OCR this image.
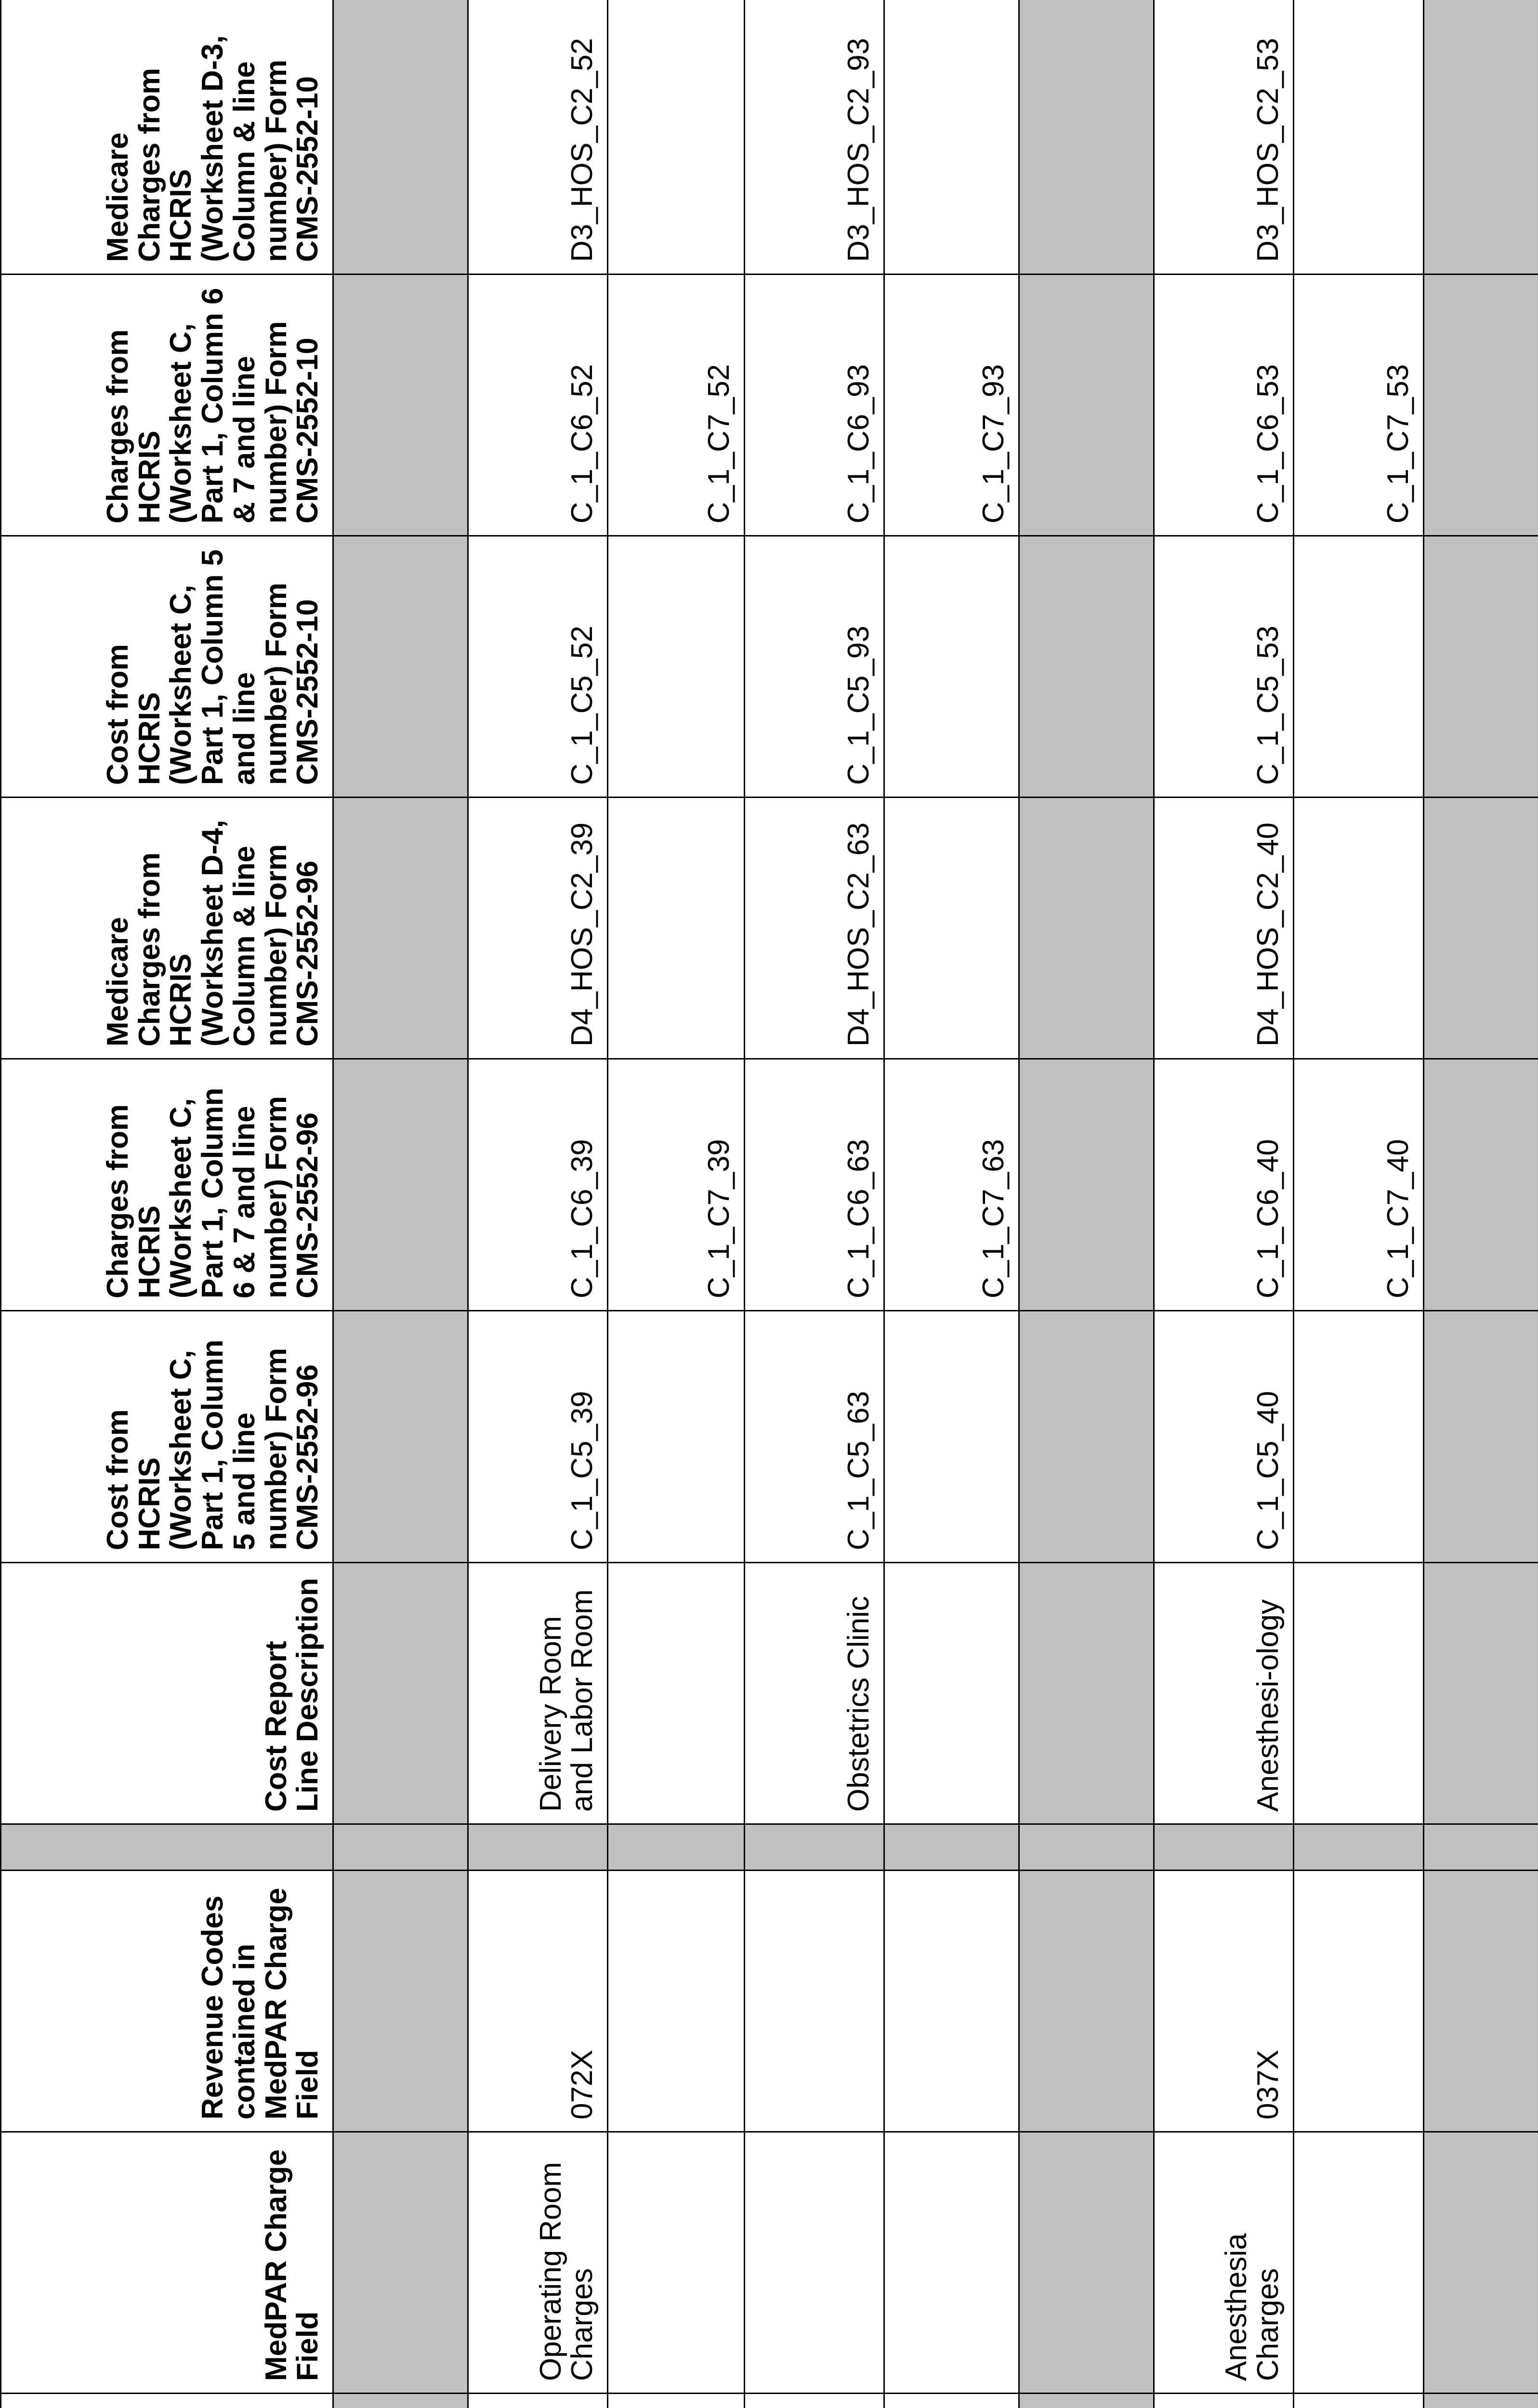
	MedPAR Charge Field	Revenue Codes contained in MedPAR Charge Field		Cost Report Line Description	Cost from HCRIS (Worksheet C, Part 1, Column 5 and line number) Form CMS-2552-96	Charges from HCRIS (Worksheet C, Part 1, Column 6 & 7 and line number) Form CMS-2552-96	Medicare Charges from HCRIS (Worksheet D-4, Column & line number) Form CMS-2552-96	Cost from HCRIS (Worksheet C, Part 1, Column 5 and line number) Form CMS-2552-10	Charges from HCRIS (Worksheet C, Part 1, Column 6 & 7 and line number) Form CMS-2552-10	Medicare Charges from HCRIS (Worksheet D-3, Column & line number) Form CMS-2552-10

	Operating Room Charges	072X		Delivery Room and Labor Room	C_1_C5_39	C_1_C6_39	D4_HOS_C2_39	C_1_C5_52	C_1_C6_52	D3_HOS_C2_52
						C_1_C7_39			C_1_C7_52	
				Obstetrics Clinic	C_1_C5_63	C_1_C6_63	D4_HOS_C2_63	C_1_C5_93	C_1_C6_93	D3_HOS_C2_93
						C_1_C7_63			C_1_C7_93	

	Anesthesia Charges	037X		Anesthesi-ology	C_1_C5_40	C_1_C6_40	D4_HOS_C2_40	C_1_C5_53	C_1_C6_53	D3_HOS_C2_53
						C_1_C7_40			C_1_C7_53	
